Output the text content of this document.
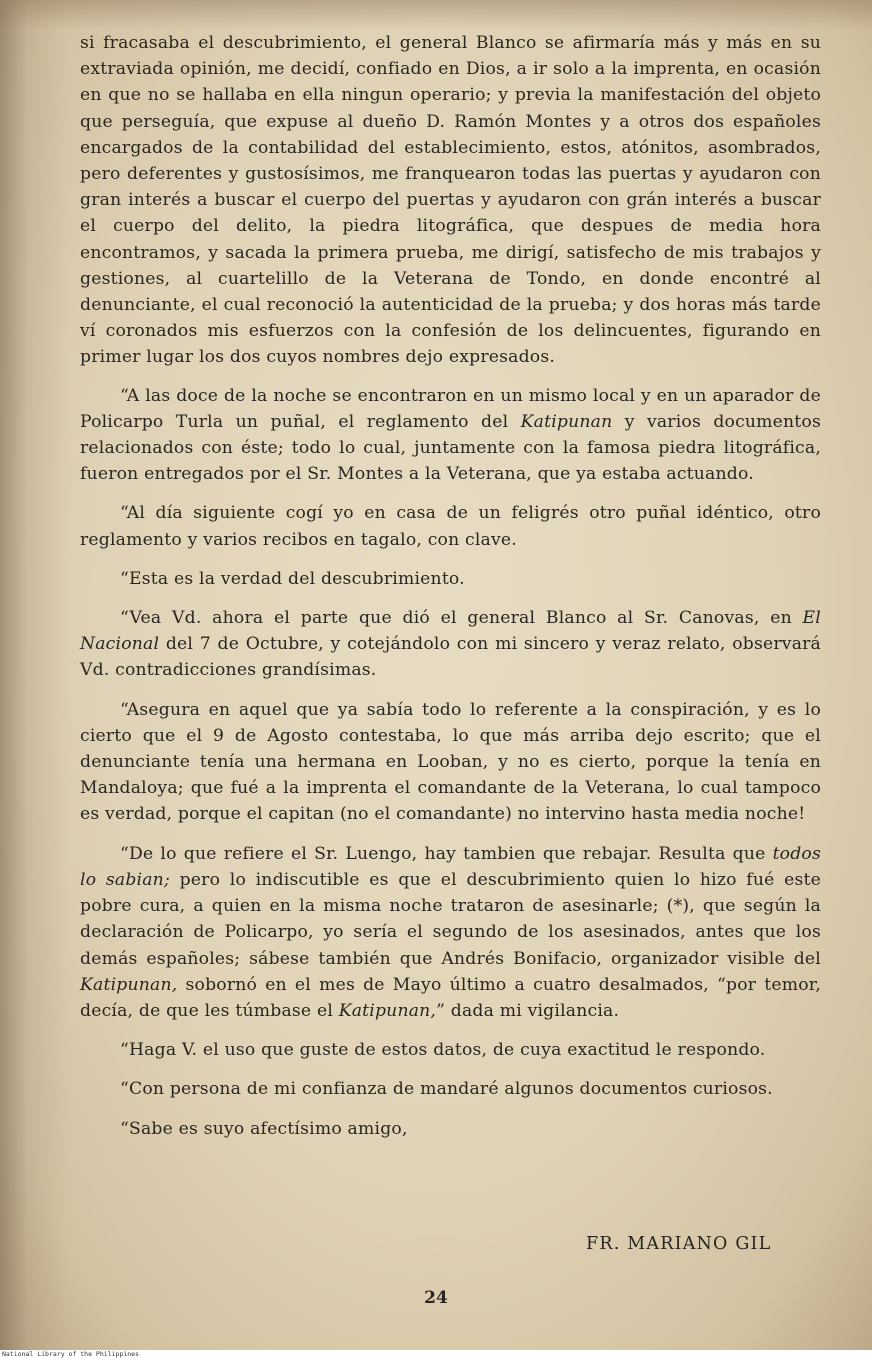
si fracasaba el descubrimiento, el general Blanco se afirmaría más y más en su extraviada opinión, me decidí, confiado en Dios, a ir solo a la imprenta, en ocasión en que no se hallaba en ella ningun operario; y previa la manifestación del objeto que perseguía, que expuse al dueño D. Ramón Montes y a otros dos españoles encargados de la contabilidad del establecimiento, estos, atónitos, asombrados, pero deferentes y gustosísimos, me franquearon todas las puertas y ayudaron con gran interés a buscar el cuerpo del puertas y ayudaron con grán interés a buscar el cuerpo del delito, la piedra litográfica, que despues de media hora encontramos, y sacada la primera prueba, me dirigí, satisfecho de mis trabajos y gestiones, al cuartelillo de la Veterana de Tondo, en donde encontré al denunciante, el cual reconoció la autenticidad de la prueba; y dos horas más tarde ví coronados mis esfuerzos con la confesión de los delincuentes, figurando en primer lugar los dos cuyos nombres dejo expresados.

“A las doce de la noche se encontraron en un mismo local y en un aparador de Policarpo Turla un puñal, el reglamento del Katipunan y varios documentos relacionados con éste; todo lo cual, juntamente con la famosa piedra litográfica, fueron entregados por el Sr. Montes a la Veterana, que ya estaba actuando.

“Al día siguiente cogí yo en casa de un feligrés otro puñal idéntico, otro reglamento y varios recibos en tagalo, con clave.

“Esta es la verdad del descubrimiento.

“Vea Vd. ahora el parte que dió el general Blanco al Sr. Canovas, en El Nacional del 7 de Octubre, y cotejándolo con mi sincero y veraz relato, observará Vd. contradicciones grandísimas.

“Asegura en aquel que ya sabía todo lo referente a la conspiración, y es lo cierto que el 9 de Agosto contestaba, lo que más arriba dejo escrito; que el denunciante tenía una hermana en Looban, y no es cierto, porque la tenía en Mandaloya; que fué a la imprenta el comandante de la Veterana, lo cual tampoco es verdad, porque el capitan (no el comandante) no intervino hasta media noche!

“De lo que refiere el Sr. Luengo, hay tambien que rebajar. Resulta que todos lo sabian; pero lo indiscutible es que el descubrimiento quien lo hizo fué este pobre cura, a quien en la misma noche trataron de asesinarle; (*), que según la declaración de Policarpo, yo sería el segundo de los asesinados, antes que los demás españoles; sábese también que Andrés Bonifacio, organizador visible del Katipunan, sobornó en el mes de Mayo último a cuatro desalmados, “por temor, decía, de que les túmbase el Katipunan,” dada mi vigilancia.

“Haga V. el uso que guste de estos datos, de cuya exactitud le respondo.

“Con persona de mi confianza de mandaré algunos documentos curiosos.

“Sabe es suyo afectísimo amigo,

FR. MARIANO GIL
24
National Library of the Philippines
